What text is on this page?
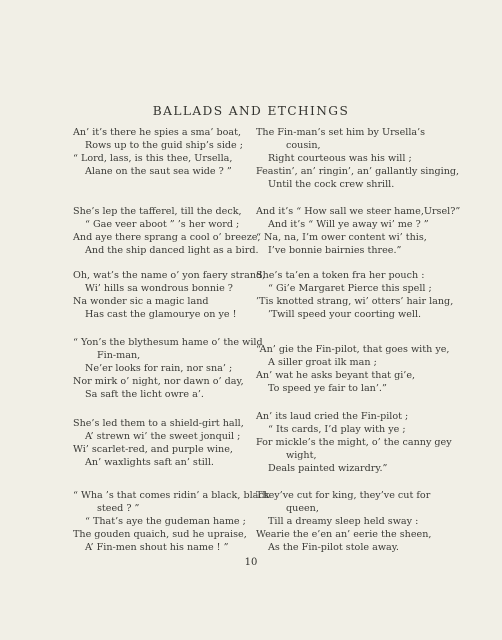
BALLADS AND ETCHINGS
An’ it’s there he spies a sma’ boat,
Rows up to the guid ship’s side ;
“ Lord, lass, is this thee, Ursella,
Alane on the saut sea wide ? ”
She’s lep the tafferel, till the deck,
“ Gae veer aboot ” ’s her word ;
And aye there sprang a cool o’ breeze,
And the ship danced light as a bird.
Oh, wat’s the name o’ yon faery strand,
Wi’ hills sa wondrous bonnie ?
Na wonder sic a magic land
Has cast the glamourye on ye !
“ Yon’s the blythesum hame o’ the wild
Fin-man,
Ne’er looks for rain, nor sna’ ;
Nor mirk o’ night, nor dawn o’ day,
Sa saft the licht owre a’.
She’s led them to a shield-girt hall,
A’ strewn wi’ the sweet jonquil ;
Wi’ scarlet-red, and purple wine,
An’ waxlights saft an’ still.
“ Wha ’s that comes ridin’ a black, black
steed ? ”
“ That’s aye the gudeman hame ;
The gouden quaich, sud he upraise,
A’ Fin-men shout his name ! ”
The Fin-man’s set him by Ursella’s
cousin,
Right courteous was his will ;
Feastin’, an’ ringin’, an’ gallantly singing,
Until the cock crew shrill.
And it’s “ How sall we steer hame,Ursel?”
And it’s “ Will ye away wi’ me ? ”
“ Na, na, I’m ower content wi’ this,
I’ve bonnie bairnies three.”
She’s ta’en a token fra her pouch :
“ Gi’e Margaret Pierce this spell ;
’Tis knotted strang, wi’ otters’ hair lang,
’Twill speed your coorting well.
“An’ gie the Fin-pilot, that goes with ye,
A siller groat ilk man ;
An’ wat he asks beyant that gi’e,
To speed ye fair to lan’.”
An’ its laud cried the Fin-pilot ;
“ Its cards, I’d play with ye ;
For mickle’s the might, o’ the canny gey
wight,
Deals painted wizardry.”
They’ve cut for king, they’ve cut for
queen,
Till a dreamy sleep held sway :
Wearie the e’en an’ eerie the sheen,
As the Fin-pilot stole away.
10
